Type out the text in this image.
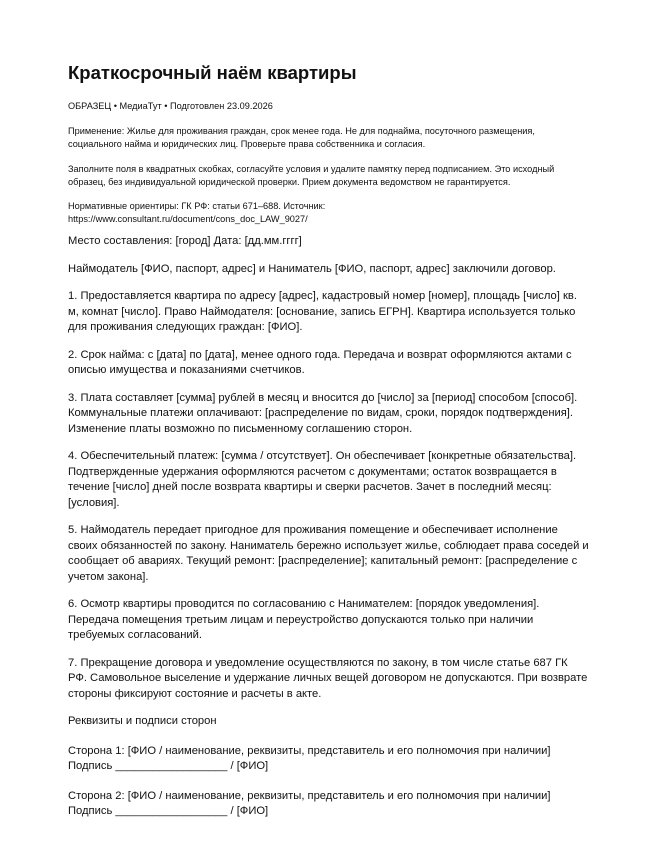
Краткосрочный наём квартиры
ОБРАЗЕЦ • МедиаТут • Подготовлен 23.09.2026
Применение: Жилье для проживания граждан, срок менее года. Не для поднайма, посуточного размещения, социального найма и юридических лиц. Проверьте права собственника и согласия.
Заполните поля в квадратных скобках, согласуйте условия и удалите памятку перед подписанием. Это исходный образец, без индивидуальной юридической проверки. Прием документа ведомством не гарантируется.
Нормативные ориентиры: ГК РФ: статьи 671–688. Источник:
https://www.consultant.ru/document/cons_doc_LAW_9027/
Место составления: [город] Дата: [дд.мм.гггг]
Наймодатель [ФИО, паспорт, адрес] и Наниматель [ФИО, паспорт, адрес] заключили договор.
1. Предоставляется квартира по адресу [адрес], кадастровый номер [номер], площадь [число] кв. м, комнат [число]. Право Наймодателя: [основание, запись ЕГРН]. Квартира используется только для проживания следующих граждан: [ФИО].
2. Срок найма: с [дата] по [дата], менее одного года. Передача и возврат оформляются актами с описью имущества и показаниями счетчиков.
3. Плата составляет [сумма] рублей в месяц и вносится до [число] за [период] способом [способ]. Коммунальные платежи оплачивают: [распределение по видам, сроки, порядок подтверждения]. Изменение платы возможно по письменному соглашению сторон.
4. Обеспечительный платеж: [сумма / отсутствует]. Он обеспечивает [конкретные обязательства]. Подтвержденные удержания оформляются расчетом с документами; остаток возвращается в течение [число] дней после возврата квартиры и сверки расчетов. Зачет в последний месяц: [условия].
5. Наймодатель передает пригодное для проживания помещение и обеспечивает исполнение своих обязанностей по закону. Наниматель бережно использует жилье, соблюдает права соседей и сообщает об авариях. Текущий ремонт: [распределение]; капитальный ремонт: [распределение с учетом закона].
6. Осмотр квартиры проводится по согласованию с Нанимателем: [порядок уведомления]. Передача помещения третьим лицам и переустройство допускаются только при наличии требуемых согласований.
7. Прекращение договора и уведомление осуществляются по закону, в том числе статье 687 ГК РФ. Самовольное выселение и удержание личных вещей договором не допускаются. При возврате стороны фиксируют состояние и расчеты в акте.
Реквизиты и подписи сторон
Сторона 1: [ФИО / наименование, реквизиты, представитель и его полномочия при наличии]
Подпись __________________ / [ФИО]
Сторона 2: [ФИО / наименование, реквизиты, представитель и его полномочия при наличии]
Подпись __________________ / [ФИО]
